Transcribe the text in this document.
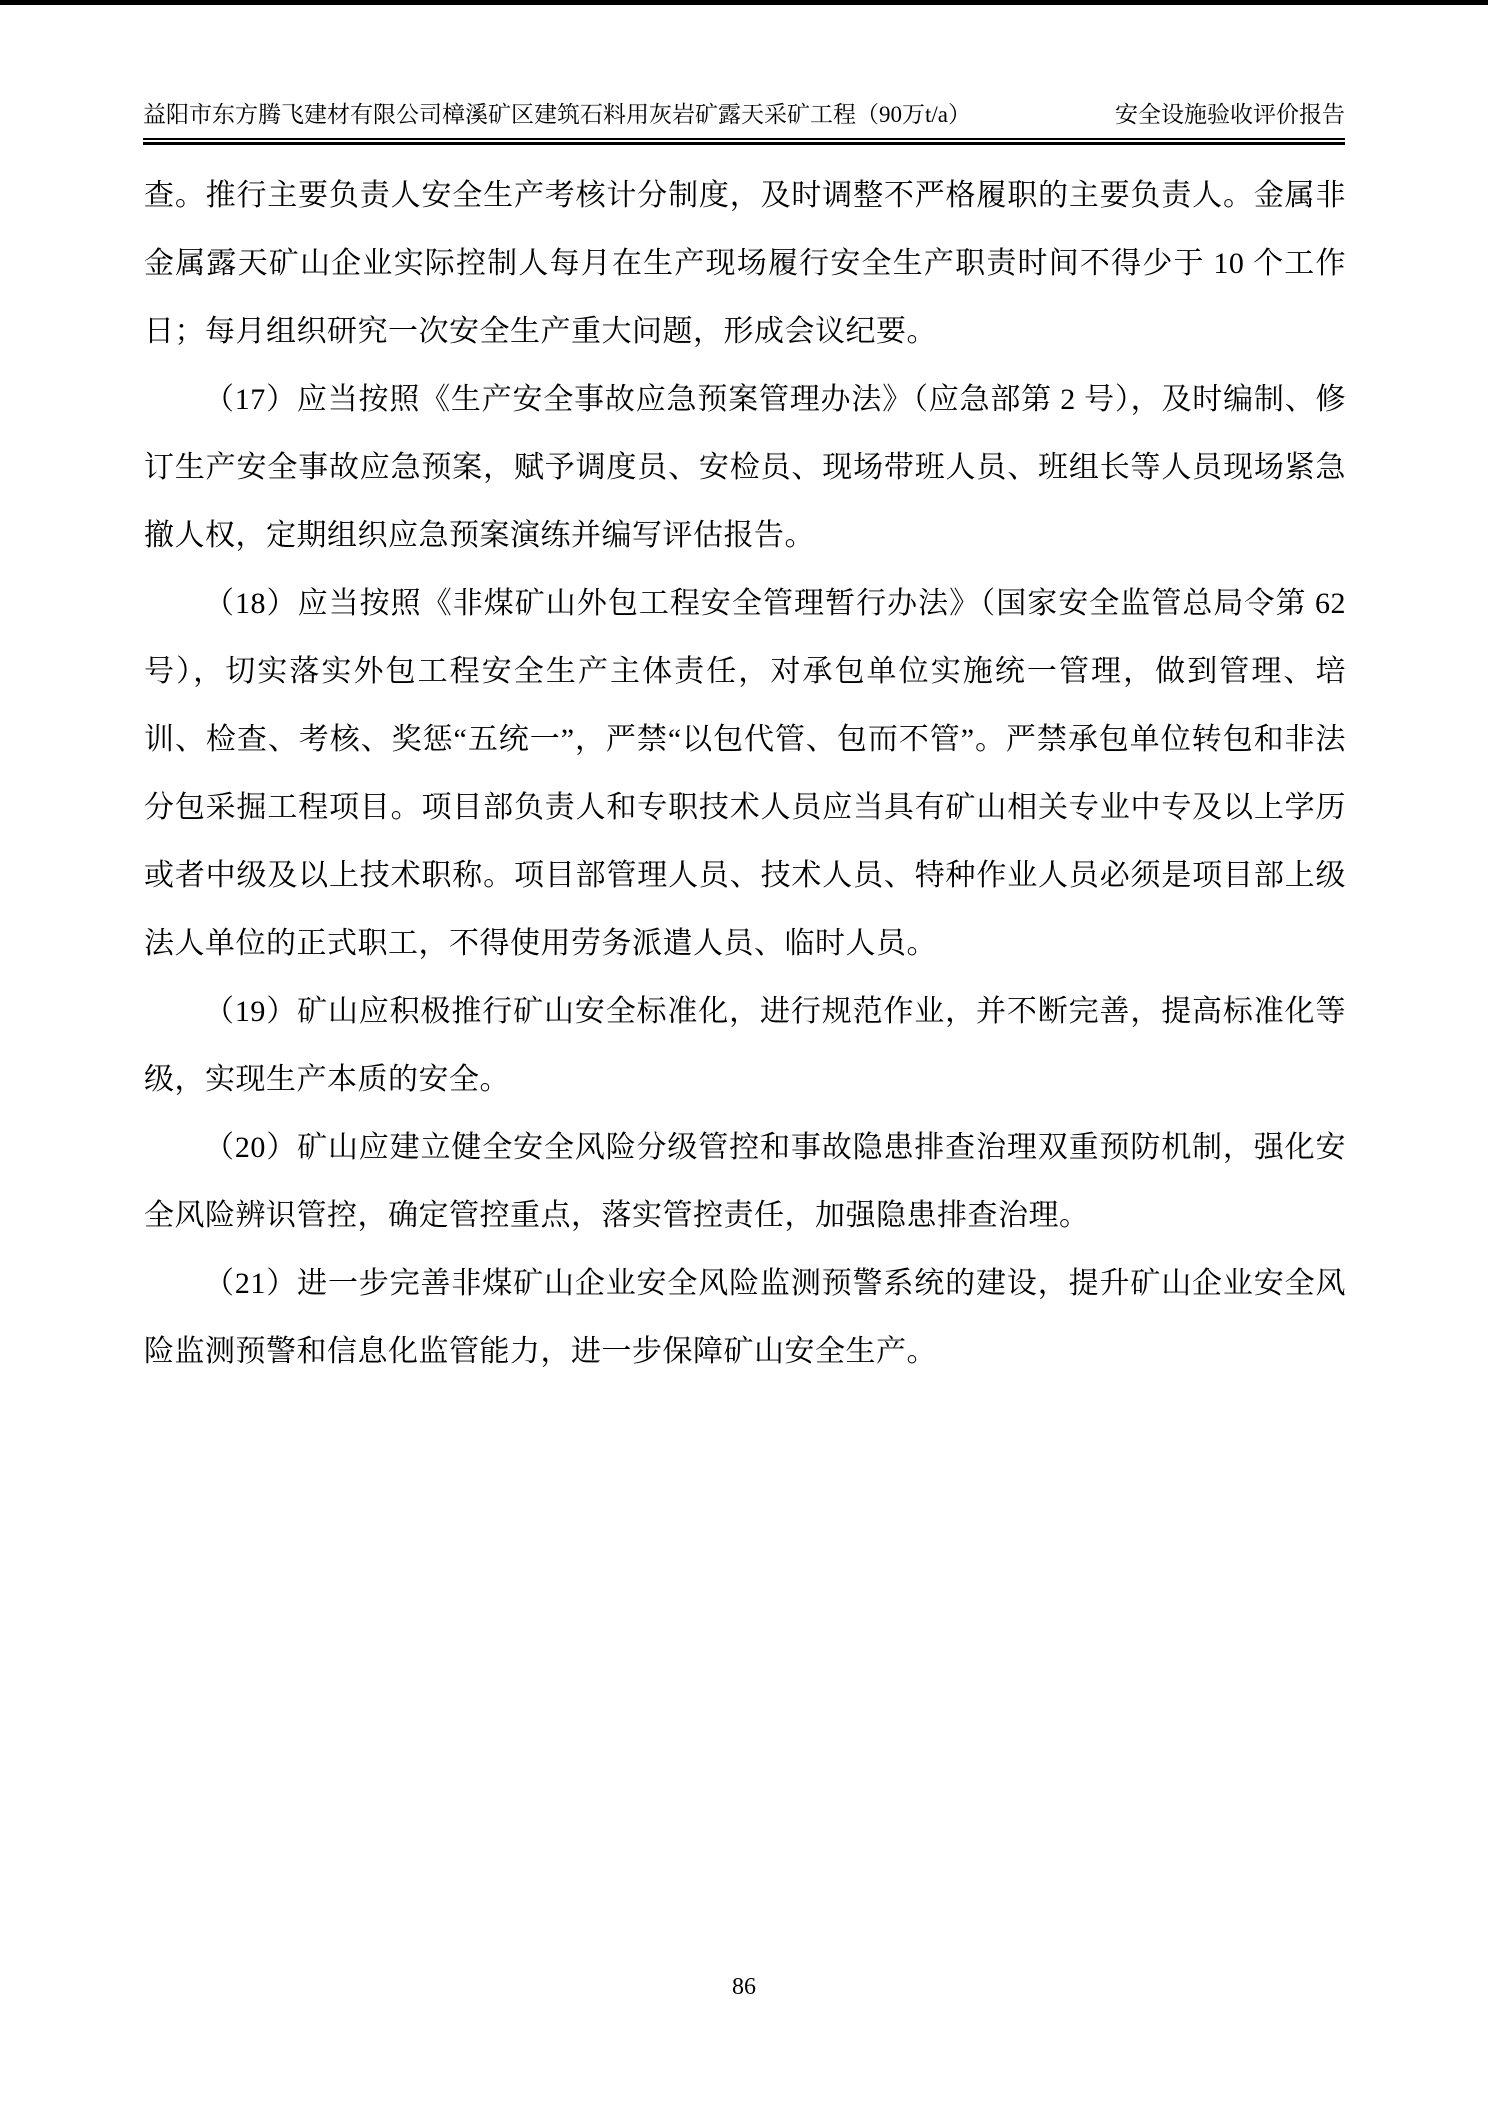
益阳市东方腾飞建材有限公司樟溪矿区建筑石料用灰岩矿露天采矿工程（90万t/a）	安全设施验收评价报告

查。推行主要负责人安全生产考核计分制度，及时调整不严格履职的主要负责人。金属非金属露天矿山企业实际控制人每月在生产现场履行安全生产职责时间不得少于 10 个工作日；每月组织研究一次安全生产重大问题，形成会议纪要。

（17）应当按照《生产安全事故应急预案管理办法》（应急部第 2 号），及时编制、修订生产安全事故应急预案，赋予调度员、安检员、现场带班人员、班组长等人员现场紧急撤人权，定期组织应急预案演练并编写评估报告。

（18）应当按照《非煤矿山外包工程安全管理暂行办法》（国家安全监管总局令第 62 号），切实落实外包工程安全生产主体责任，对承包单位实施统一管理，做到管理、培训、检查、考核、奖惩“五统一”，严禁“以包代管、包而不管”。严禁承包单位转包和非法分包采掘工程项目。项目部负责人和专职技术人员应当具有矿山相关专业中专及以上学历或者中级及以上技术职称。项目部管理人员、技术人员、特种作业人员必须是项目部上级法人单位的正式职工，不得使用劳务派遣人员、临时人员。

（19）矿山应积极推行矿山安全标准化，进行规范作业，并不断完善，提高标准化等级，实现生产本质的安全。

（20）矿山应建立健全安全风险分级管控和事故隐患排查治理双重预防机制，强化安全风险辨识管控，确定管控重点，落实管控责任，加强隐患排查治理。

（21）进一步完善非煤矿山企业安全风险监测预警系统的建设，提升矿山企业安全风险监测预警和信息化监管能力，进一步保障矿山安全生产。

86
